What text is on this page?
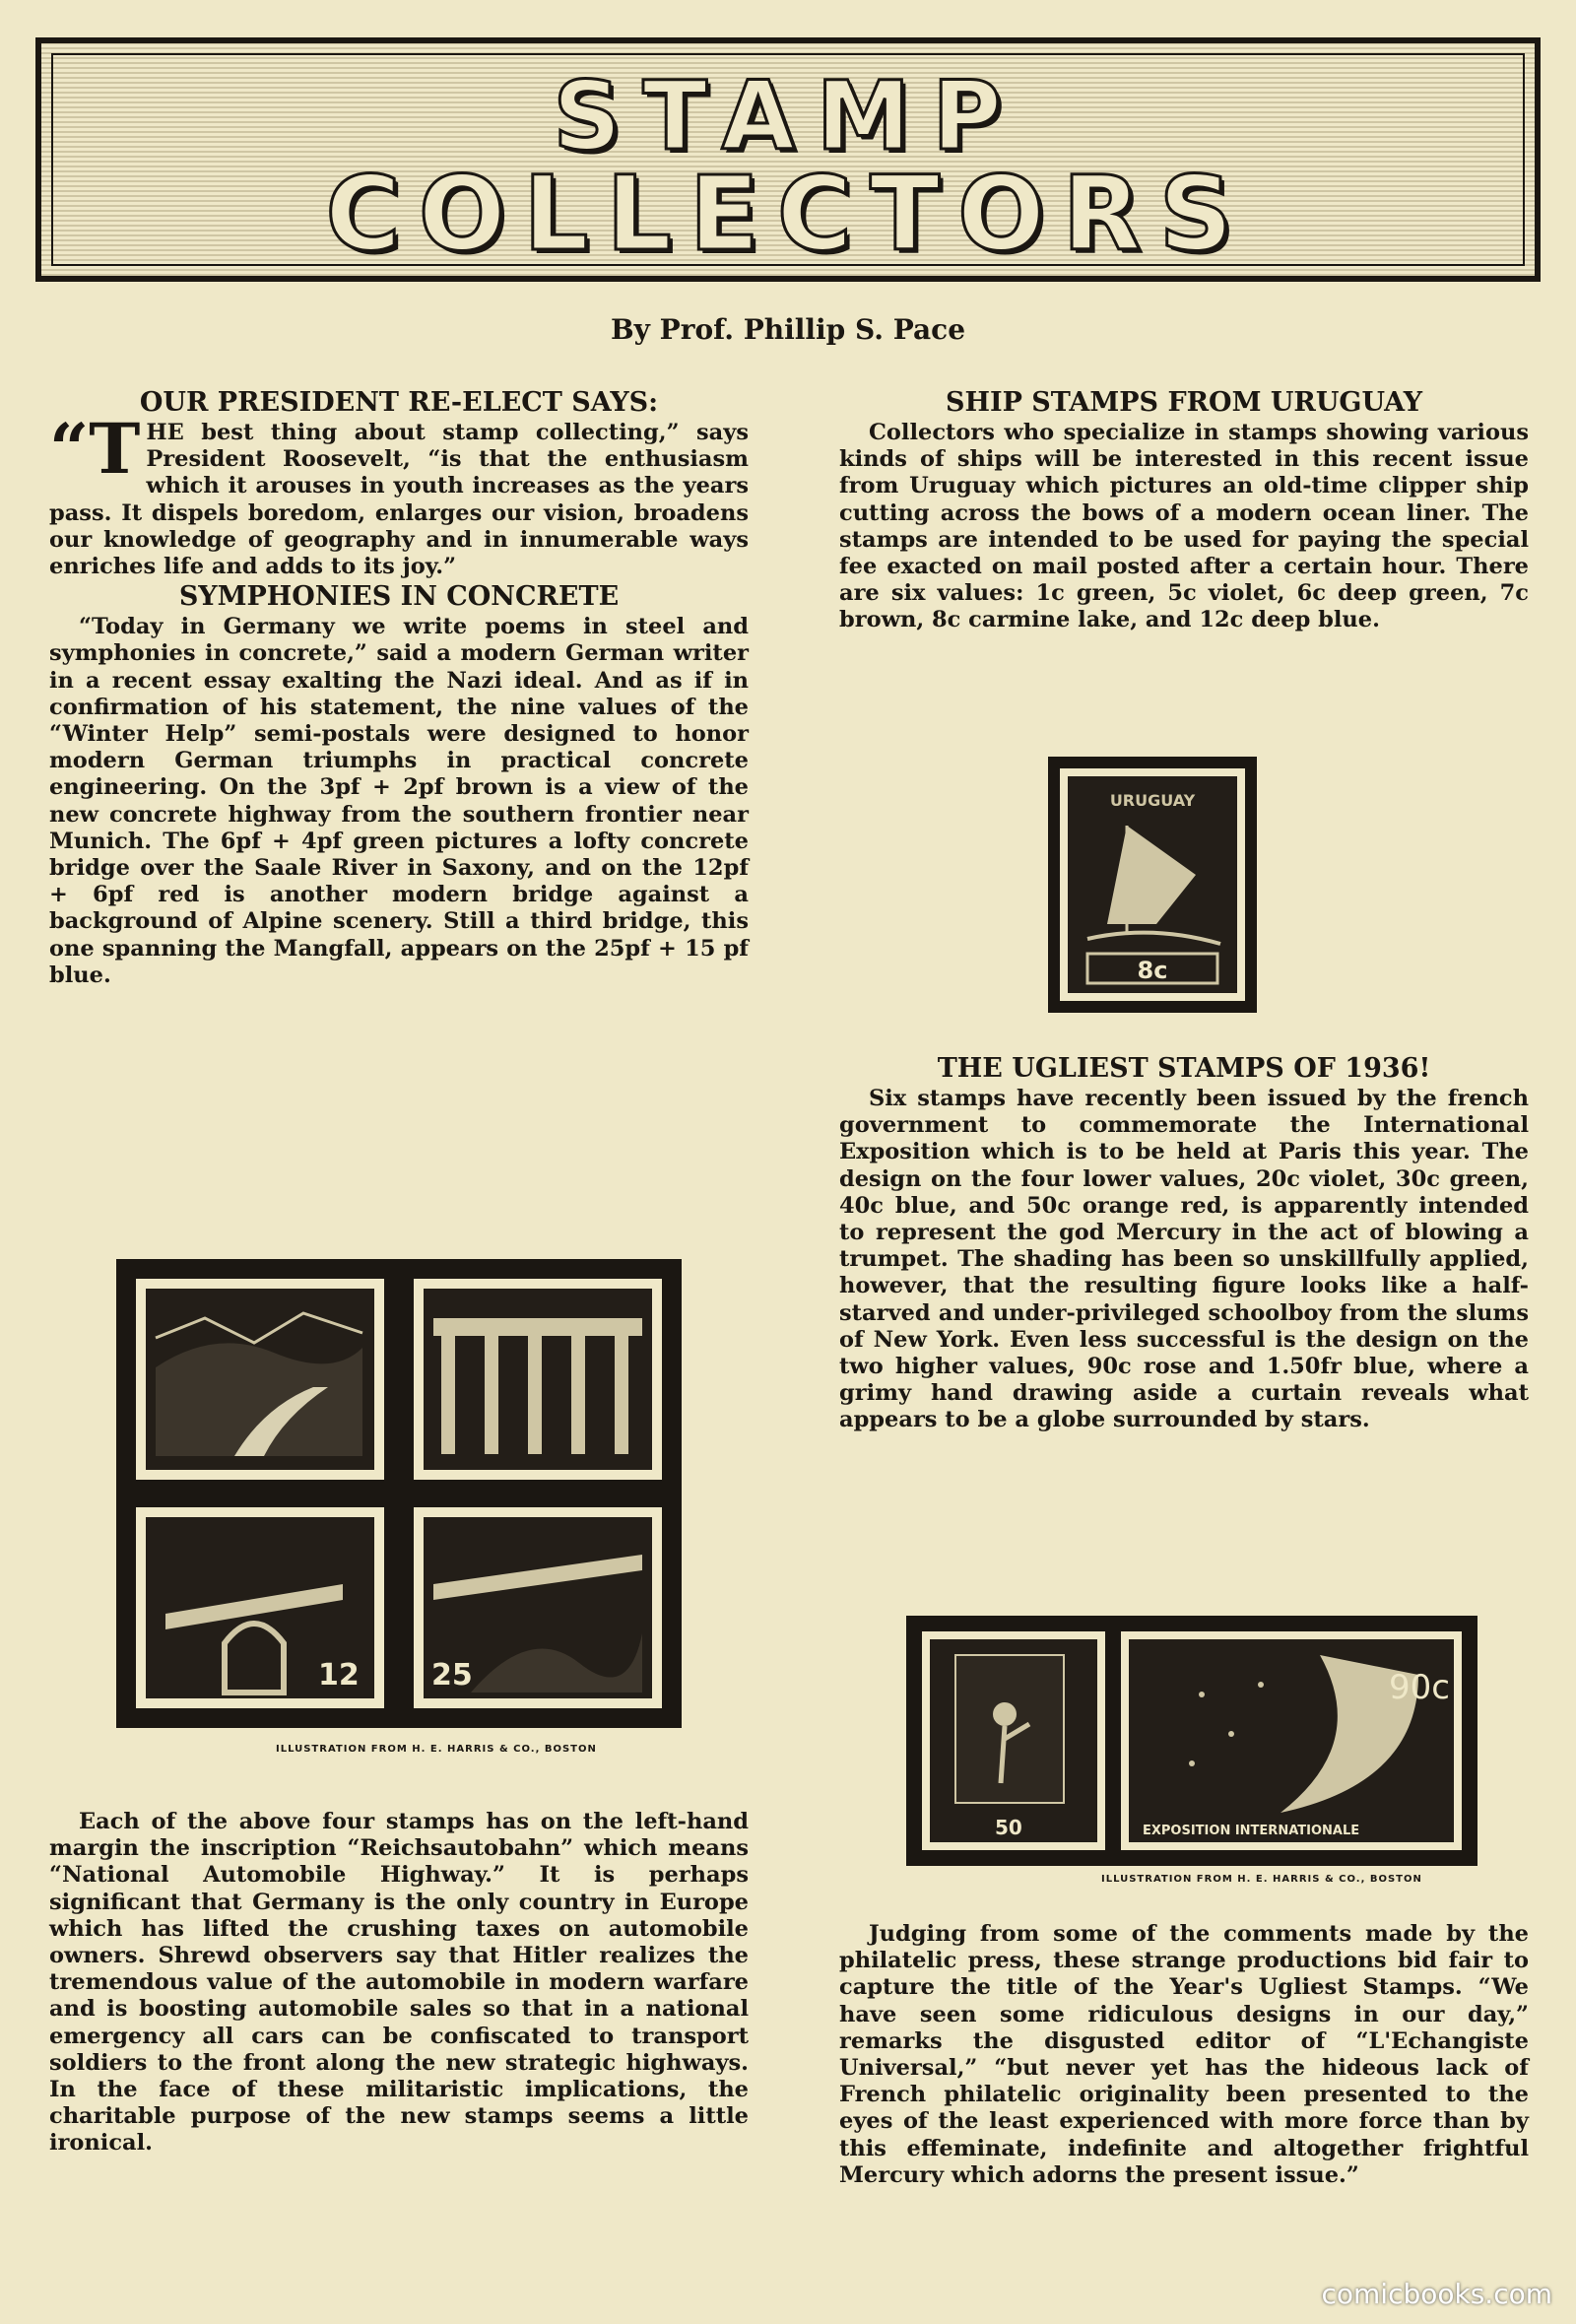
STAMP
COLLECTORS
By Prof. Phillip S. Pace
OUR PRESIDENT RE-ELECT SAYS:

“THE best thing about stamp collecting,” says President Roosevelt, “is that the enthusiasm which it arouses in youth increases as the years pass. It dispels boredom, enlarges our vision, broadens our knowledge of geography and in innumerable ways enriches life and adds to its joy.”

SYMPHONIES IN CONCRETE

“Today in Germany we write poems in steel and symphonies in concrete,” said a modern German writer in a recent essay exalting the Nazi ideal. And as if in confirmation of his statement, the nine values of the “Winter Help” semi-postals were designed to honor modern German triumphs in practical concrete engineering. On the 3pf + 2pf brown is a view of the new concrete highway from the southern frontier near Munich. The 6pf + 4pf green pictures a lofty concrete bridge over the Saale River in Saxony, and on the 12pf + 6pf red is another modern bridge against a background of Alpine scenery. Still a third bridge, this one spanning the Mangfall, appears on the 25pf + 15 pf blue.

12 25
ILLUSTRATION FROM H. E. HARRIS & CO., BOSTON

Each of the above four stamps has on the left-hand margin the inscription “Reichsautobahn” which means “National Automobile Highway.” It is perhaps significant that Germany is the only country in Europe which has lifted the crushing taxes on automobile owners. Shrewd observers say that Hitler realizes the tremendous value of the automobile in modern warfare and is boosting automobile sales so that in a national emergency all cars can be confiscated to transport soldiers to the front along the new strategic highways. In the face of these militaristic implications, the charitable purpose of the new stamps seems a little ironical.

SHIP STAMPS FROM URUGUAY

Collectors who specialize in stamps showing various kinds of ships will be interested in this recent issue from Uruguay which pictures an old-time clipper ship cutting across the bows of a modern ocean liner. The stamps are intended to be used for paying the special fee exacted on mail posted after a certain hour. There are six values: 1c green, 5c violet, 6c deep green, 7c brown, 8c carmine lake, and 12c deep blue.

URUGUAY
8c
THE UGLIEST STAMPS OF 1936!

Six stamps have recently been issued by the french government to commemorate the International Exposition which is to be held at Paris this year. The design on the four lower values, 20c violet, 30c green, 40c blue, and 50c orange red, is apparently intended to represent the god Mercury in the act of blowing a trumpet. The shading has been so unskillfully applied, however, that the resulting figure looks like a half-starved and under-privileged schoolboy from the slums of New York. Even less successful is the design on the two higher values, 90c rose and 1.50fr blue, where a grimy hand drawing aside a curtain reveals what appears to be a globe surrounded by stars.

50
90c
EXPOSITION INTERNATIONALE
ILLUSTRATION FROM H. E. HARRIS & CO., BOSTON

Judging from some of the comments made by the philatelic press, these strange productions bid fair to capture the title of the Year's Ugliest Stamps. “We have seen some ridiculous designs in our day,” remarks the disgusted editor of “L'Echangiste Universal,” “but never yet has the hideous lack of French philatelic originality been presented to the eyes of the least experienced with more force than by this effeminate, indefinite and altogether frightful Mercury which adorns the present issue.”

comicbooks.com
